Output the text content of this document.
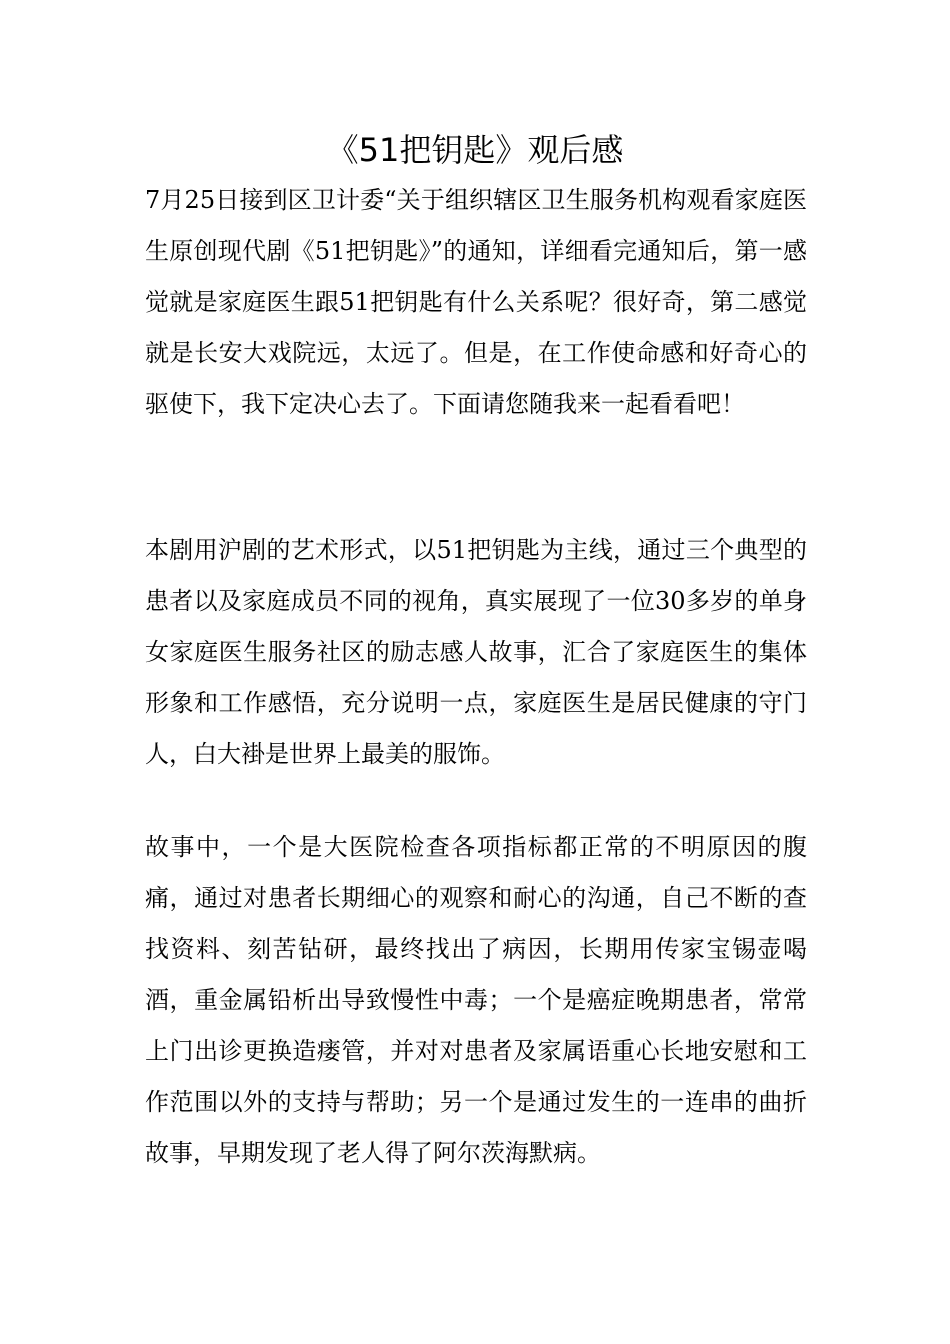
《51把钥匙》观后感

7月25日接到区卫计委“关于组织辖区卫生服务机构观看家庭医生原创现代剧《51把钥匙》”的通知，详细看完通知后，第一感觉就是家庭医生跟51把钥匙有什么关系呢？很好奇，第二感觉就是长安大戏院远，太远了。但是，在工作使命感和好奇心的驱使下，我下定决心去了。下面请您随我来一起看看吧！

本剧用沪剧的艺术形式，以51把钥匙为主线，通过三个典型的患者以及家庭成员不同的视角，真实展现了一位30多岁的单身女家庭医生服务社区的励志感人故事，汇合了家庭医生的集体形象和工作感悟，充分说明一点，家庭医生是居民健康的守门人，白大褂是世界上最美的服饰。

故事中，一个是大医院检查各项指标都正常的不明原因的腹痛，通过对患者长期细心的观察和耐心的沟通，自己不断的查找资料、刻苦钻研，最终找出了病因，长期用传家宝锡壶喝酒，重金属铅析出导致慢性中毒；一个是癌症晚期患者，常常上门出诊更换造瘘管，并对对患者及家属语重心长地安慰和工作范围以外的支持与帮助；另一个是通过发生的一连串的曲折故事，早期发现了老人得了阿尔茨海默病。
